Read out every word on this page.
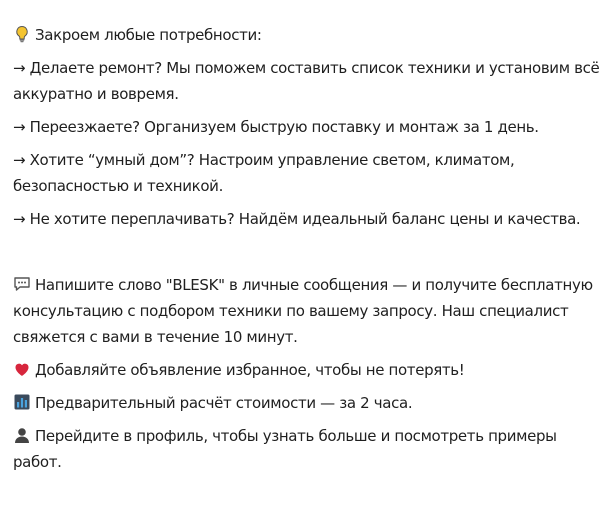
Закроем любые потребности:

→ Делаете ремонт? Мы поможем составить список техники и установим всё аккуратно и вовремя.

→ Переезжаете? Организуем быструю поставку и монтаж за 1 день.

→ Хотите “умный дом”? Настроим управление светом, климатом, безопасностью и техникой.

→ Не хотите переплачивать? Найдём идеальный баланс цены и качества.

Напишите слово "BLESK" в личные сообщения — и получите бесплатную консультацию с подбором техники по вашему запросу. Наш специалист свяжется с вами в течение 10 минут.

Добавляйте объявление избранное, чтобы не потерять!

Предварительный расчёт стоимости — за 2 часа.

Перейдите в профиль, чтобы узнать больше и посмотреть примеры работ.
